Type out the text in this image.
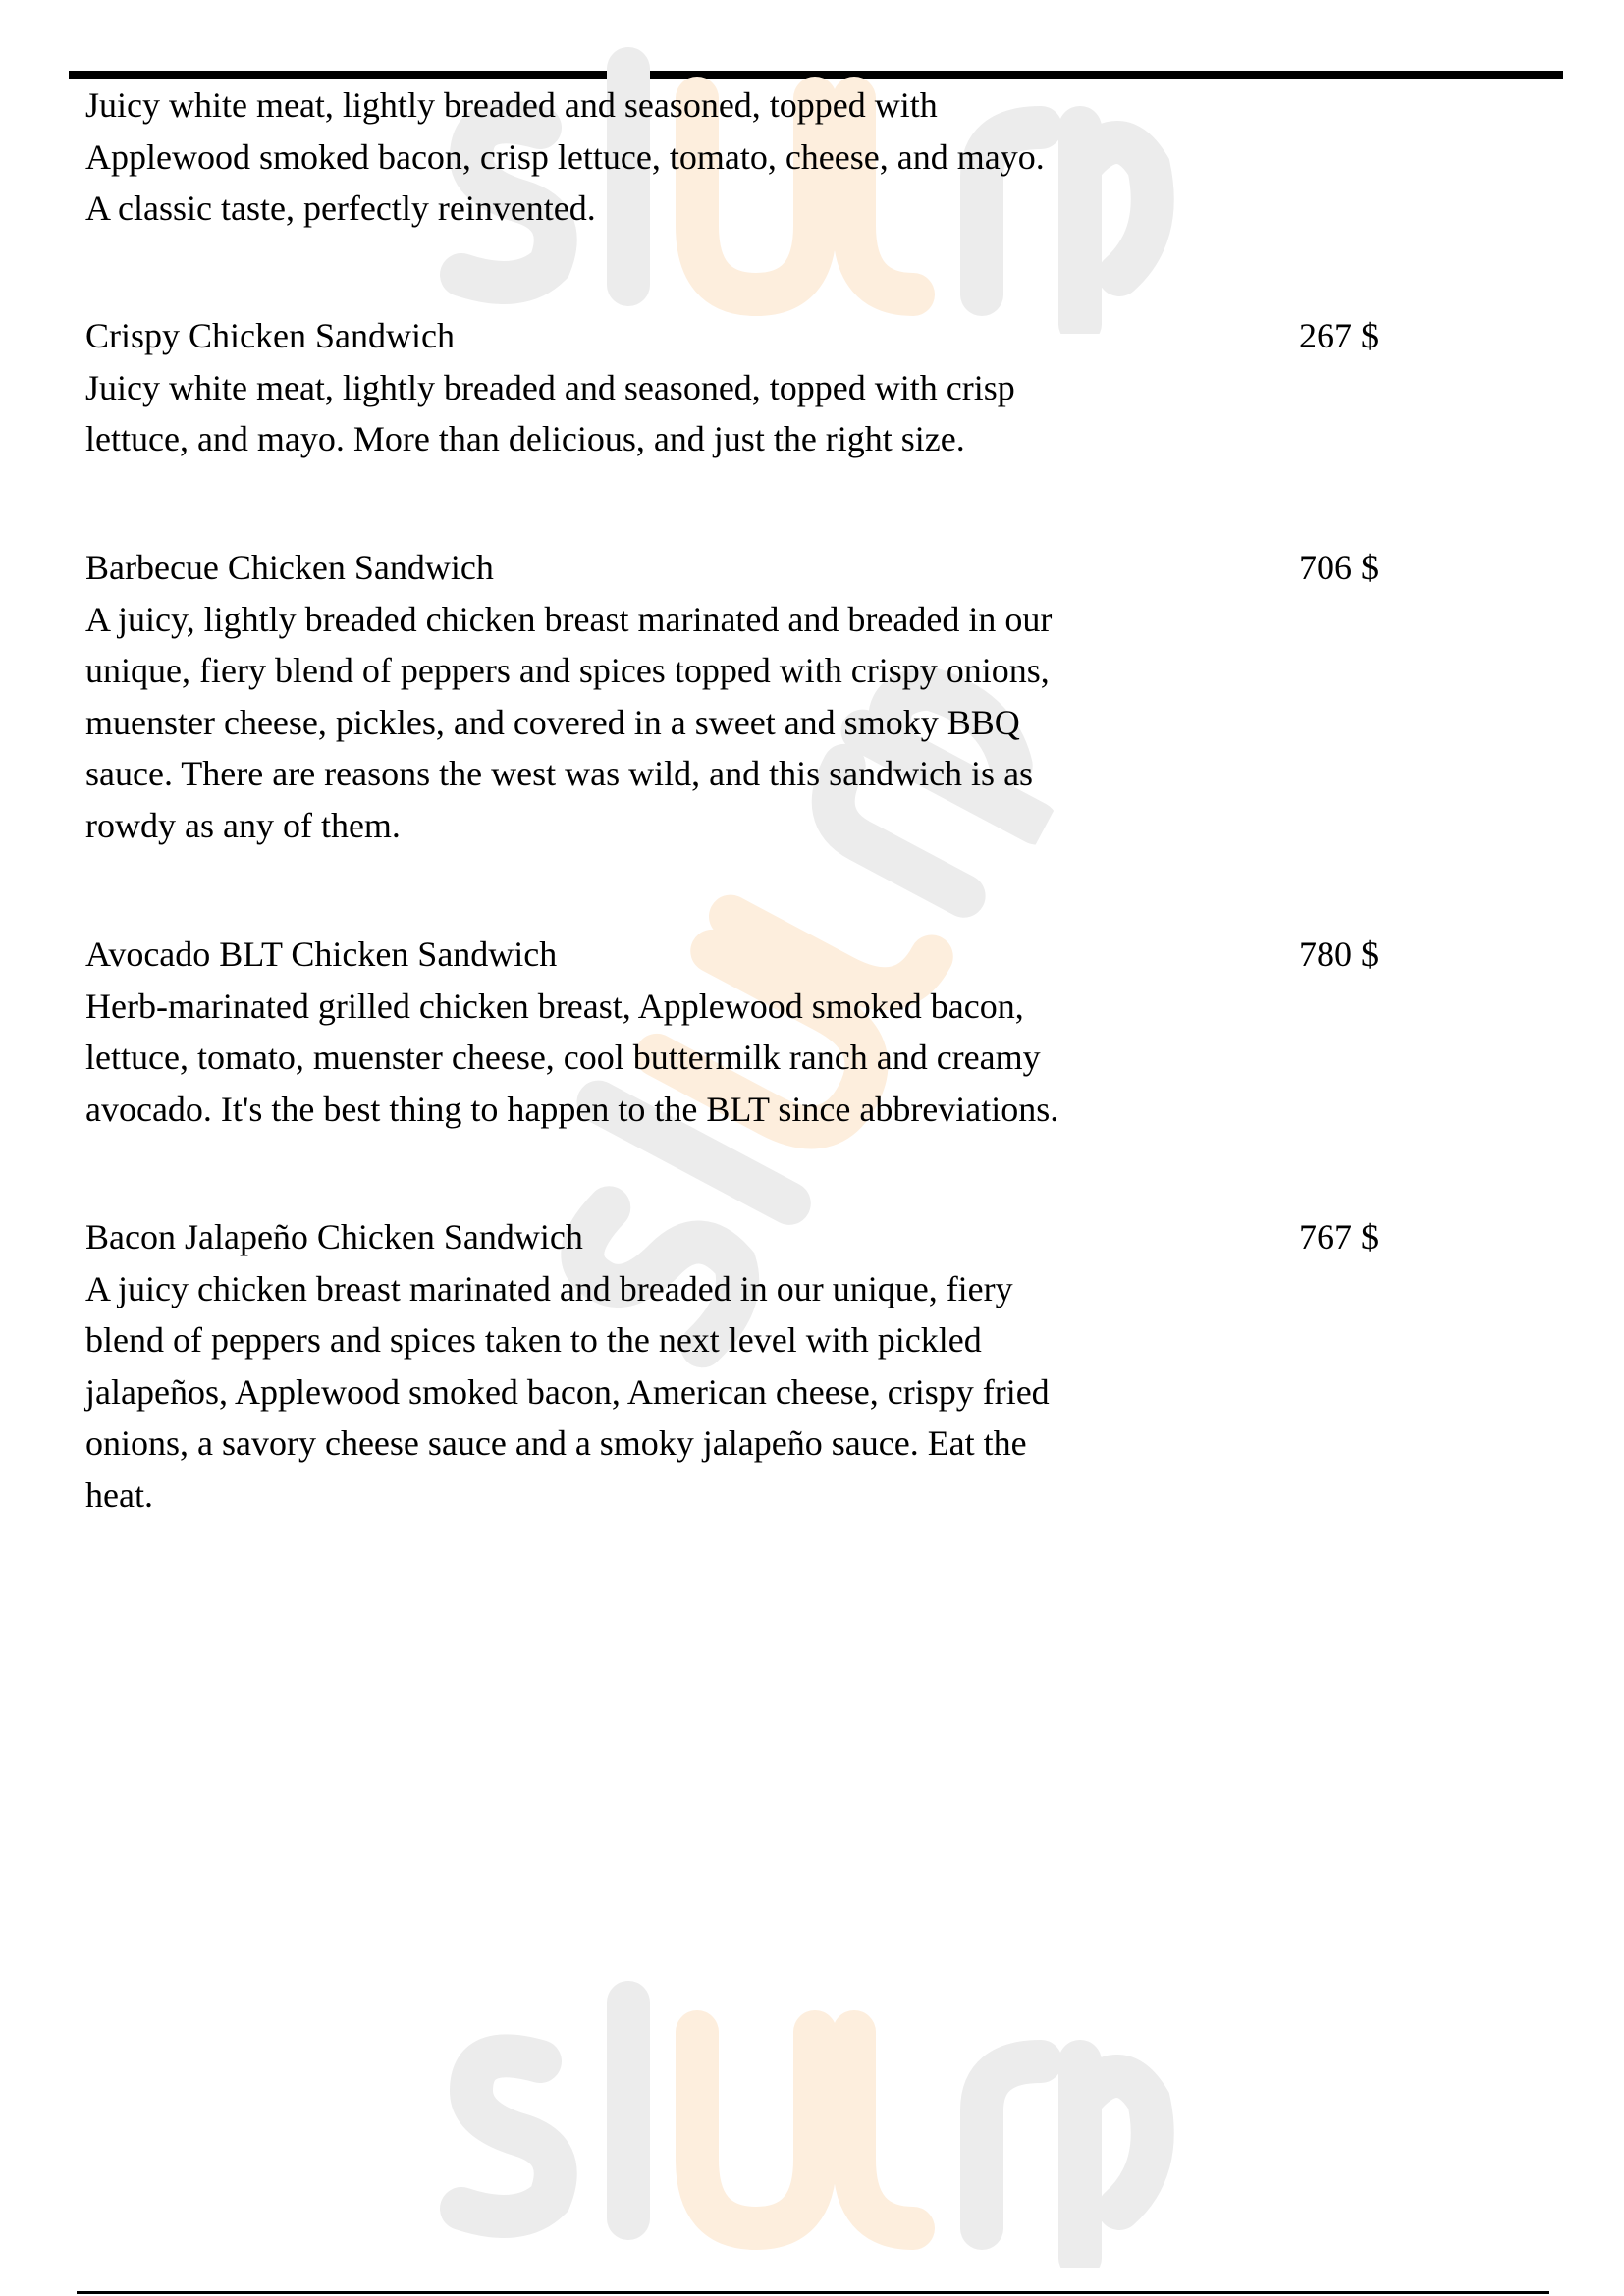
Juicy white meat, lightly breaded and seasoned, topped with
Applewood smoked bacon, crisp lettuce, tomato, cheese, and mayo.
A classic taste, perfectly reinvented.
Crispy Chicken Sandwich	267 $
Juicy white meat, lightly breaded and seasoned, topped with crisp
lettuce, and mayo. More than delicious, and just the right size.
Barbecue Chicken Sandwich	706 $
A juicy, lightly breaded chicken breast marinated and breaded in our
unique, fiery blend of peppers and spices topped with crispy onions,
muenster cheese, pickles, and covered in a sweet and smoky BBQ
sauce. There are reasons the west was wild, and this sandwich is as
rowdy as any of them.
Avocado BLT Chicken Sandwich	780 $
Herb-marinated grilled chicken breast, Applewood smoked bacon,
lettuce, tomato, muenster cheese, cool buttermilk ranch and creamy
avocado. It's the best thing to happen to the BLT since abbreviations.
Bacon Jalapeño Chicken Sandwich	767 $
A juicy chicken breast marinated and breaded in our unique, fiery
blend of peppers and spices taken to the next level with pickled
jalapeños, Applewood smoked bacon, American cheese, crispy fried
onions, a savory cheese sauce and a smoky jalapeño sauce. Eat the
heat.
